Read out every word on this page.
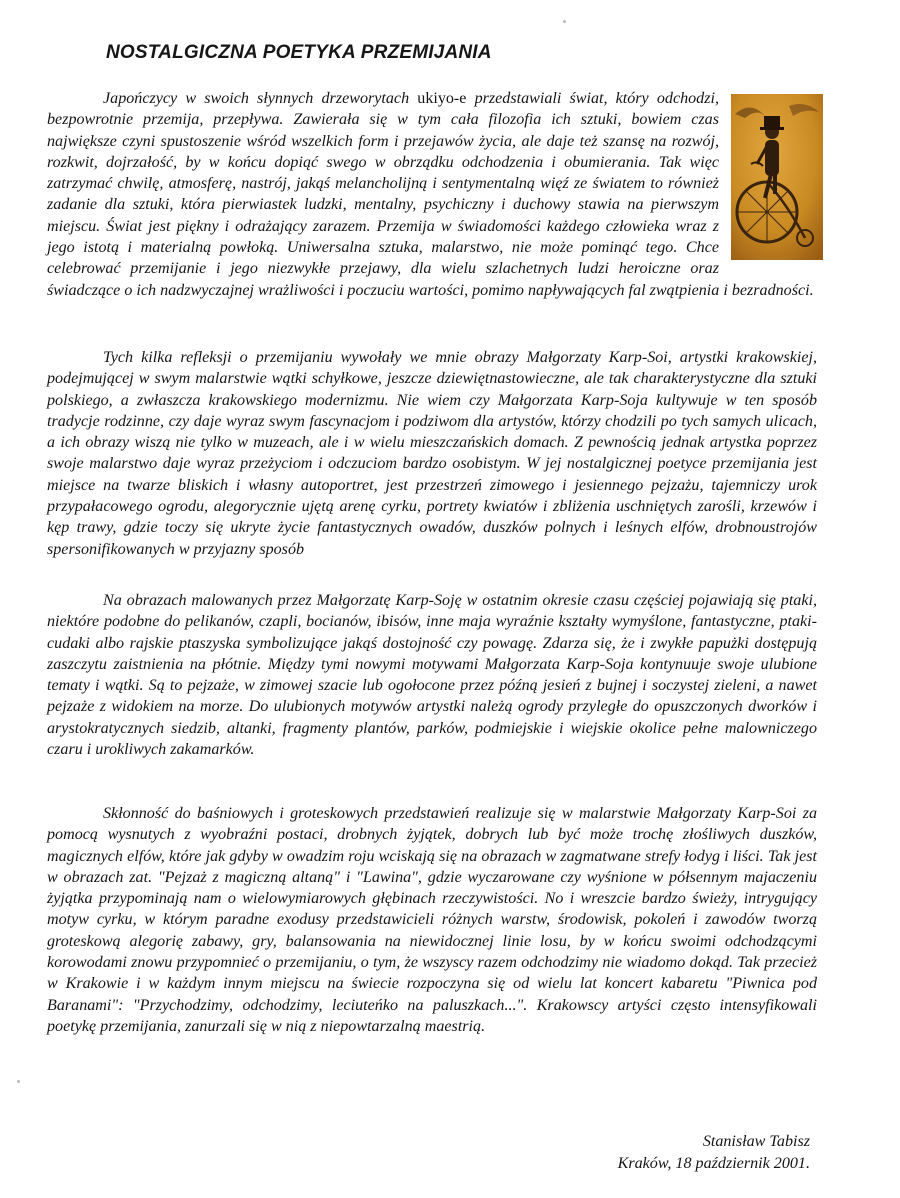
NOSTALGICZNA POETYKA PRZEMIJANIA

Japończycy w swoich słynnych drzeworytach ukiyo-e przedstawiali świat, który odchodzi, bezpowrotnie przemija, przepływa. Zawierała się w tym cała filozofia ich sztuki, bowiem czas największe czyni spustoszenie wśród wszelkich form i przejawów życia, ale daje też szansę na rozwój, rozkwit, dojrzałość, by w końcu dopiąć swego w obrządku odchodzenia i obumierania. Tak więc zatrzymać chwilę, atmosferę, nastrój, jakąś melancholijną i sentymentalną więź ze światem to również zadanie dla sztuki, która pierwiastek ludzki, mentalny, psychiczny i duchowy stawia na pierwszym miejscu. Świat jest piękny i odrażający zarazem. Przemija w świadomości każdego człowieka wraz z jego istotą i materialną powłoką. Uniwersalna sztuka, malarstwo, nie może pominąć tego. Chce celebrować przemijanie i jego niezwykłe przejawy, dla wielu szlachetnych ludzi heroiczne oraz świadczące o ich nadzwyczajnej wrażliwości i poczuciu wartości, pomimo napływających fal zwątpienia i bezradności.

Tych kilka refleksji o przemijaniu wywołały we mnie obrazy Małgorzaty Karp-Soi, artystki krakowskiej, podejmującej w swym malarstwie wątki schyłkowe, jeszcze dziewiętnastowieczne, ale tak charakterystyczne dla sztuki polskiego, a zwłaszcza krakowskiego modernizmu. Nie wiem czy Małgorzata Karp-Soja kultywuje w ten sposób tradycje rodzinne, czy daje wyraz swym fascynacjom i podziwom dla artystów, którzy chodzili po tych samych ulicach, a ich obrazy wiszą nie tylko w muzeach, ale i w wielu mieszczańskich domach. Z pewnością jednak artystka poprzez swoje malarstwo daje wyraz przeżyciom i odczuciom bardzo osobistym. W jej nostalgicznej poetyce przemijania jest miejsce na twarze bliskich i własny autoportret, jest przestrzeń zimowego i jesiennego pejzażu, tajemniczy urok przypałacowego ogrodu, alegorycznie ujętą arenę cyrku, portrety kwiatów i zbliżenia uschniętych zarośli, krzewów i kęp trawy, gdzie toczy się ukryte życie fantastycznych owadów, duszków polnych i leśnych elfów, drobnoustrojów spersonifikowanych w przyjazny sposób

Na obrazach malowanych przez Małgorzatę Karp-Soję w ostatnim okresie czasu częściej pojawiają się ptaki, niektóre podobne do pelikanów, czapli, bocianów, ibisów, inne maja wyraźnie kształty wymyślone, fantastyczne, ptaki-cudaki albo rajskie ptaszyska symbolizujące jakąś dostojność czy powagę. Zdarza się, że i zwykłe papużki dostępują zaszczytu zaistnienia na płótnie. Między tymi nowymi motywami Małgorzata Karp-Soja kontynuuje swoje ulubione tematy i wątki. Są to pejzaże, w zimowej szacie lub ogołocone przez późną jesień z bujnej i soczystej zieleni, a nawet pejzaże z widokiem na morze. Do ulubionych motywów artystki należą ogrody przyległe do opuszczonych dworków i arystokratycznych siedzib, altanki, fragmenty plantów, parków, podmiejskie i wiejskie okolice pełne malowniczego czaru i urokliwych zakamarków.

Skłonność do baśniowych i groteskowych przedstawień realizuje się w malarstwie Małgorzaty Karp-Soi za pomocą wysnutych z wyobraźni postaci, drobnych żyjątek, dobrych lub być może trochę złośliwych duszków, magicznych elfów, które jak gdyby w owadzim roju wciskają się na obrazach w zagmatwane strefy łodyg i liści. Tak jest w obrazach zat. "Pejzaż z magiczną altaną" i "Lawina", gdzie wyczarowane czy wyśnione w półsennym majaczeniu żyjątka przypominają nam o wielowymiarowych głębinach rzeczywistości. No i wreszcie bardzo świeży, intrygujący motyw cyrku, w którym paradne exodusy przedstawicieli różnych warstw, środowisk, pokoleń i zawodów tworzą groteskową alegorię zabawy, gry, balansowania na niewidocznej linie losu, by w końcu swoimi odchodzącymi korowodami znowu przypomnieć o przemijaniu, o tym, że wszyscy razem odchodzimy nie wiadomo dokąd. Tak przecież w Krakowie i w każdym innym miejscu na świecie rozpoczyna się od wielu lat koncert kabaretu "Piwnica pod Baranami": "Przychodzimy, odchodzimy, leciuteńko na paluszkach...". Krakowscy artyści często intensyfikowali poetykę przemijania, zanurzali się w nią z niepowtarzalną maestrią.

Stanisław Tabisz
Kraków, 18 październik 2001.
